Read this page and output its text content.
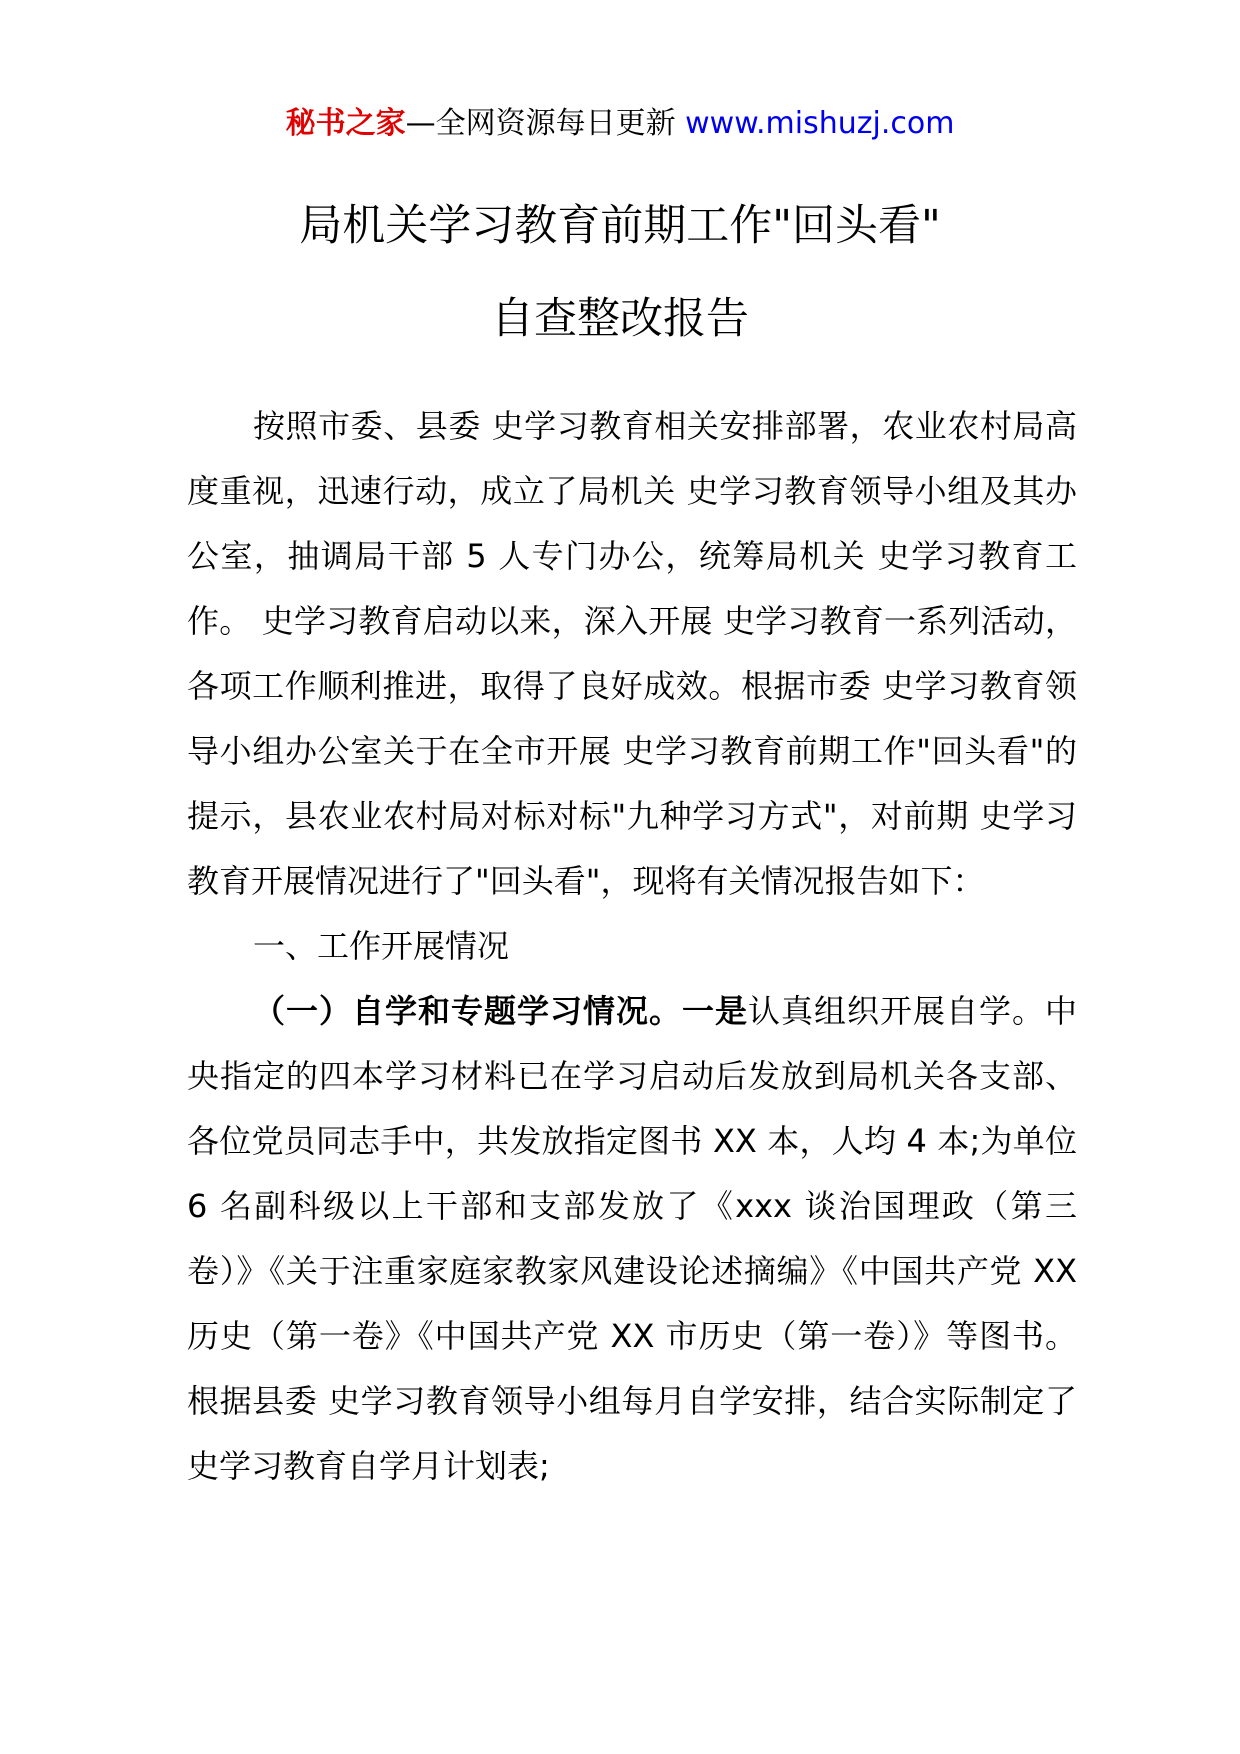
秘书之家—全网资源每日更新 www.mishuzj.com
局机关学习教育前期工作"回头看"
自查整改报告

按照市委、县委 史学习教育相关安排部署，农业农村局高度重视，迅速行动，成立了局机关 史学习教育领导小组及其办公室，抽调局干部 5 人专门办公，统筹局机关 史学习教育工作。 史学习教育启动以来，深入开展 史学习教育一系列活动，各项工作顺利推进，取得了良好成效。根据市委 史学习教育领导小组办公室关于在全市开展 史学习教育前期工作"回头看"的提示，县农业农村局对标对标"九种学习方式"，对前期 史学习教育开展情况进行了"回头看"，现将有关情况报告如下：

一、工作开展情况

（一）自学和专题学习情况。一是认真组织开展自学。中央指定的四本学习材料已在学习启动后发放到局机关各支部、各位党员同志手中，共发放指定图书 XX 本，人均 4 本;为单位 6 名副科级以上干部和支部发放了《xxx 谈治国理政（第三卷）》《关于注重家庭家教家风建设论述摘编》《中国共产党 XX 历史（第一卷》《中国共产党 XX 市历史（第一卷）》等图书。根据县委 史学习教育领导小组每月自学安排，结合实际制定了 史学习教育自学月计划表;
